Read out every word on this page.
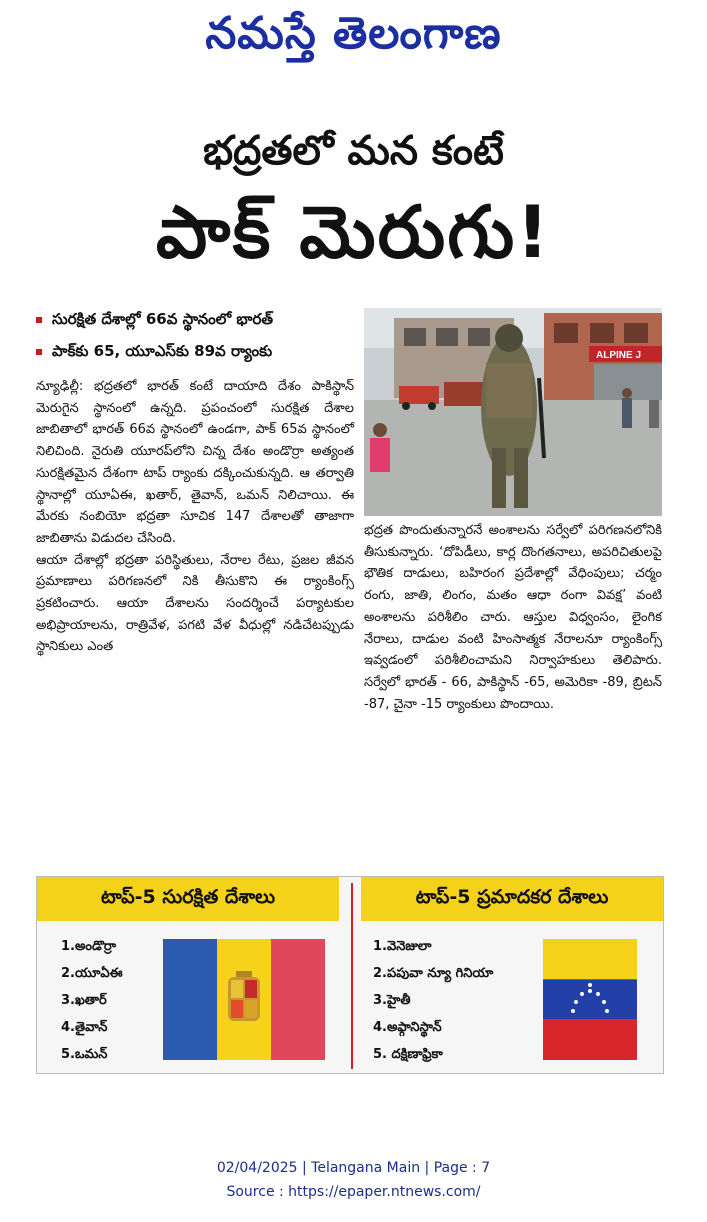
నమస్తే తెలంగాణ
భద్రతలో మన కంటే
పాక్ మెరుగు!
సురక్షిత దేశాల్లో 66వ స్థానంలో భారత్
పాక్‌కు 65, యూఎస్‌కు 89వ ర్యాంకు	ALPINE J

న్యూఢిల్లీ: భద్రతలో భారత్ కంటే దాయాది దేశం పాకిస్థాన్ మెరుగైన స్థానంలో ఉన్నది. ప్రపంచంలో సురక్షిత దేశాల జాబితాలో భారత్ 66వ స్థానంలో ఉండగా, పాక్ 65వ స్థానంలో నిలిచింది. నైరుతి యూరప్‌లోని చిన్న దేశం అండొర్రా అత్యంత సురక్షితమైన దేశంగా టాప్ ర్యాంకు దక్కించుకున్నది. ఆ తర్వాతి స్థానాల్లో యూఏఈ, ఖతార్, తైవాన్, ఒమన్ నిలిచాయి. ఈ మేరకు నంబియో భద్రతా సూచిక 147 దేశాలతో తాజాగా జాబితాను విడుదల చేసింది.

ఆయా దేశాల్లో భద్రతా పరిస్థితులు, నేరాల రేటు, ప్రజల జీవన ప్రమాణాలు పరిగణనలో నికి తీసుకొని ఈ ర్యాంకింగ్స్ ప్రకటించారు. ఆయా దేశాలను సందర్శించే పర్యాటకుల అభిప్రాయాలను, రాత్రివేళ, పగటి వేళ వీధుల్లో నడిచేటప్పుడు స్థానికులు ఎంత

భద్రత పొందుతున్నారనే అంశాలను సర్వేలో పరిగణనలోనికి తీసుకున్నారు. ‘దోపిడీలు, కార్ల దొంగతనాలు, అపరిచితులపై భౌతిక దాడులు, బహిరంగ ప్రదేశాల్లో వేధింపులు; చర్మం రంగు, జాతి, లింగం, మతం ఆధా రంగా వివక్ష’ వంటి అంశాలను పరిశీలిం చారు. ఆస్తుల విధ్వంసం, లైంగిక నేరాలు, దాడుల వంటి హింసాత్మక నేరాలనూ ర్యాంకింగ్స్ ఇవ్వడంలో పరిశీలించామని నిర్వాహకులు తెలిపారు. సర్వేలో భారత్ - 66, పాకిస్థాన్ -65, అమెరికా -89, బ్రిటన్ -87, చైనా -15 ర్యాంకులు పొందాయి.

టాప్-5 సురక్షిత దేశాలు	టాప్-5 ప్రమాదకర దేశాలు
1.అండొర్రా
2.యూఏఈ
3.ఖతార్
4.తైవాన్
5.ఒమన్
1.వెనెజులా
2.పపువా న్యూ గినియా
3.హైతీ
4.అఫ్గానిస్థాన్
5. దక్షిణాఫ్రికా
02/04/2025 | Telangana Main | Page : 7
Source : https://epaper.ntnews.com/
